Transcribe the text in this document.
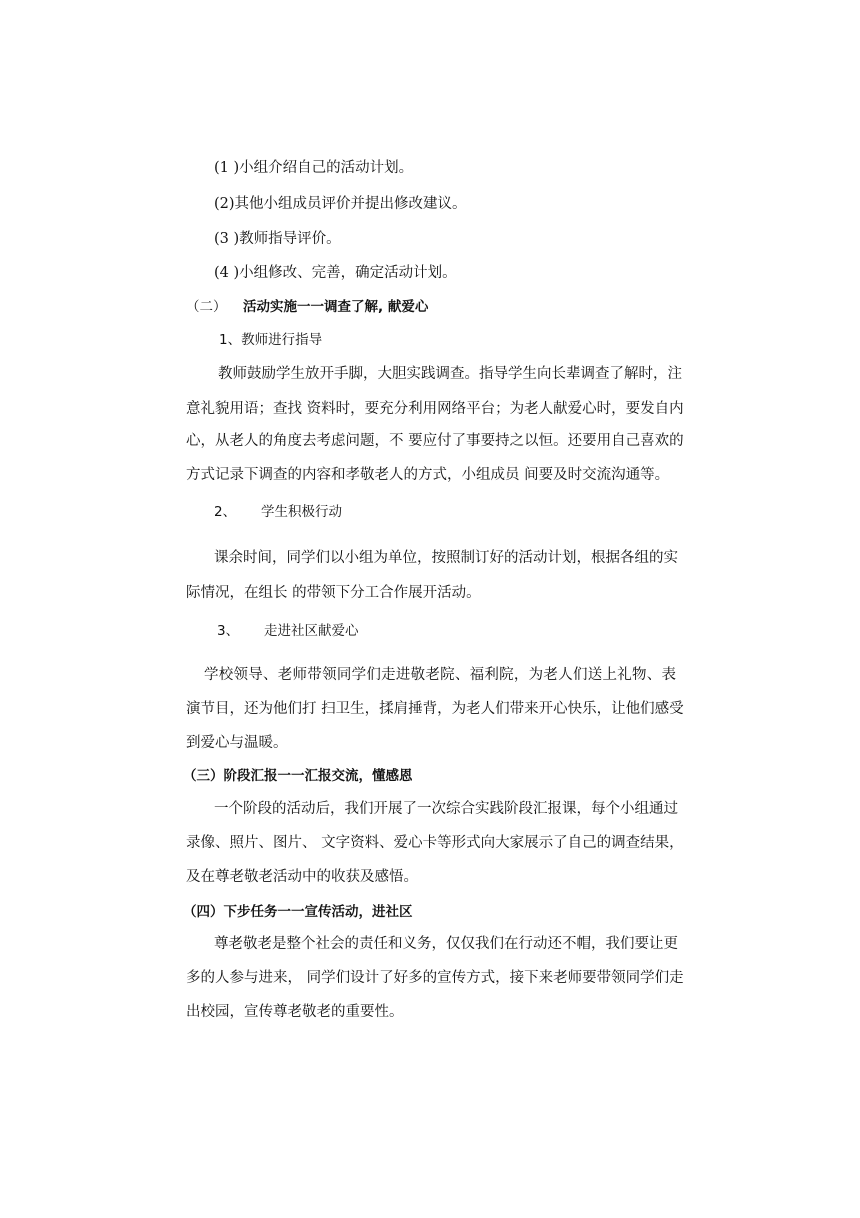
(1 )小组介绍自己的活动计划。
(2)其他小组成员评价并提出修改建议。
(3 )教师指导评价。
(4 )小组修改、完善，确定活动计划。
（二） 活动实施一一调查了解, 献爱心
1、教师进行指导
教师鼓励学生放开手脚，大胆实践调查。指导学生向长辈调查了解时，注
意礼貌用语；查找 资料时，要充分利用网络平台；为老人献爱心时，要发自内
心，从老人的角度去考虑问题，不 要应付了事要持之以恒。还要用自己喜欢的
方式记录下调查的内容和孝敬老人的方式，小组成员 间要及时交流沟通等。
2、 学生积极行动
课余时间，同学们以小组为单位，按照制订好的活动计划，根据各组的实
际情况，在组长 的带领下分工合作展开活动。
3、 走进社区献爱心
学校领导、老师带领同学们走进敬老院、福利院，为老人们送上礼物、表
演节目，还为他们打 扫卫生，揉肩捶背，为老人们带来开心快乐，让他们感受
到爱心与温暖。
（三）阶段汇报一一汇报交流，懂感恩
一个阶段的活动后，我们开展了一次综合实践阶段汇报课，每个小组通过
录像、照片、图片、 文字资料、爱心卡等形式向大家展示了自己的调查结果，
及在尊老敬老活动中的收获及感悟。
（四）下步任务一一宣传活动，进社区
尊老敬老是整个社会的责任和义务，仅仅我们在行动还不帽，我们要让更
多的人参与进来， 同学们设计了好多的宣传方式，接下来老师要带领同学们走
出校园，宣传尊老敬老的重要性。
